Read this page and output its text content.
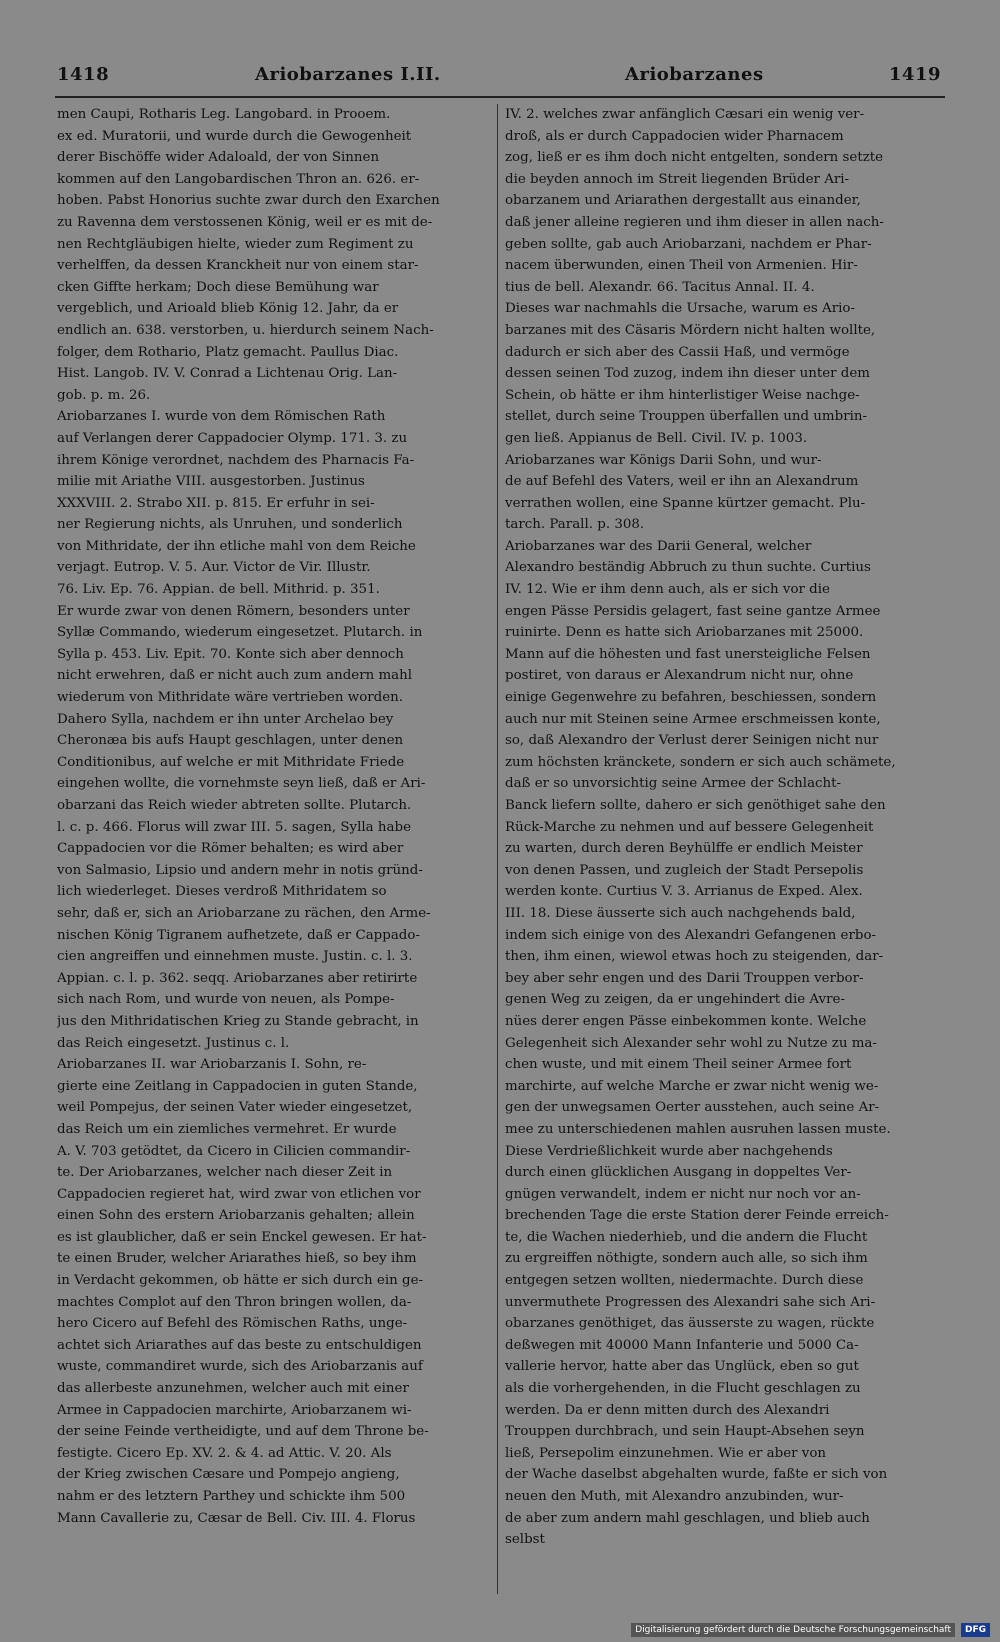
1418	Ariobarzanes I.II.	Ariobarzanes	1419
men Caupi, Rotharis Leg. Langobard. in Prooem.
ex ed. Muratorii, und wurde durch die Gewogenheit
derer Bischöffe wider Adaloald, der von Sinnen
kommen auf den Langobardischen Thron an. 626. er-
hoben. Pabst Honorius suchte zwar durch den Exarchen
zu Ravenna dem verstossenen König, weil er es mit de-
nen Rechtgläubigen hielte, wieder zum Regiment zu
verhelffen, da dessen Kranckheit nur von einem star-
cken Giffte herkam; Doch diese Bemühung war
vergeblich, und Arioald blieb König 12. Jahr, da er
endlich an. 638. verstorben, u. hierdurch seinem Nach-
folger, dem Rothario, Platz gemacht. Paullus Diac.
Hist. Langob. IV. V. Conrad a Lichtenau Orig. Lan-
gob. p. m. 26.
Ariobarzanes I. wurde von dem Römischen Rath
auf Verlangen derer Cappadocier Olymp. 171. 3. zu
ihrem Könige verordnet, nachdem des Pharnacis Fa-
milie mit Ariathe VIII. ausgestorben. Justinus
XXXVIII. 2. Strabo XII. p. 815. Er erfuhr in sei-
ner Regierung nichts, als Unruhen, und sonderlich
von Mithridate, der ihn etliche mahl von dem Reiche
verjagt. Eutrop. V. 5. Aur. Victor de Vir. Illustr.
76. Liv. Ep. 76. Appian. de bell. Mithrid. p. 351.
Er wurde zwar von denen Römern, besonders unter
Syllæ Commando, wiederum eingesetzet. Plutarch. in
Sylla p. 453. Liv. Epit. 70. Konte sich aber dennoch
nicht erwehren, daß er nicht auch zum andern mahl
wiederum von Mithridate wäre vertrieben worden.
Dahero Sylla, nachdem er ihn unter Archelao bey
Cheronæa bis aufs Haupt geschlagen, unter denen
Conditionibus, auf welche er mit Mithridate Friede
eingehen wollte, die vornehmste seyn ließ, daß er Ari-
obarzani das Reich wieder abtreten sollte. Plutarch.
l. c. p. 466. Florus will zwar III. 5. sagen, Sylla habe
Cappadocien vor die Römer behalten; es wird aber
von Salmasio, Lipsio und andern mehr in notis gründ-
lich wiederleget. Dieses verdroß Mithridatem so
sehr, daß er, sich an Ariobarzane zu rächen, den Arme-
nischen König Tigranem aufhetzete, daß er Cappado-
cien angreiffen und einnehmen muste. Justin. c. l. 3.
Appian. c. l. p. 362. seqq. Ariobarzanes aber retirirte
sich nach Rom, und wurde von neuen, als Pompe-
jus den Mithridatischen Krieg zu Stande gebracht, in
das Reich eingesetzt. Justinus c. l.
Ariobarzanes II. war Ariobarzanis I. Sohn, re-
gierte eine Zeitlang in Cappadocien in guten Stande,
weil Pompejus, der seinen Vater wieder eingesetzet,
das Reich um ein ziemliches vermehret. Er wurde
A. V. 703 getödtet, da Cicero in Cilicien commandir-
te. Der Ariobarzanes, welcher nach dieser Zeit in
Cappadocien regieret hat, wird zwar von etlichen vor
einen Sohn des erstern Ariobarzanis gehalten; allein
es ist glaublicher, daß er sein Enckel gewesen. Er hat-
te einen Bruder, welcher Ariarathes hieß, so bey ihm
in Verdacht gekommen, ob hätte er sich durch ein ge-
machtes Complot auf den Thron bringen wollen, da-
hero Cicero auf Befehl des Römischen Raths, unge-
achtet sich Ariarathes auf das beste zu entschuldigen
wuste, commandiret wurde, sich des Ariobarzanis auf
das allerbeste anzunehmen, welcher auch mit einer
Armee in Cappadocien marchirte, Ariobarzanem wi-
der seine Feinde vertheidigte, und auf dem Throne be-
festigte. Cicero Ep. XV. 2. & 4. ad Attic. V. 20. Als
der Krieg zwischen Cæsare und Pompejo angieng,
nahm er des letztern Parthey und schickte ihm 500
Mann Cavallerie zu, Cæsar de Bell. Civ. III. 4. Florus
IV. 2. welches zwar anfänglich Cæsari ein wenig ver-
droß, als er durch Cappadocien wider Pharnacem
zog, ließ er es ihm doch nicht entgelten, sondern setzte
die beyden annoch im Streit liegenden Brüder Ari-
obarzanem und Ariarathen dergestallt aus einander,
daß jener alleine regieren und ihm dieser in allen nach-
geben sollte, gab auch Ariobarzani, nachdem er Phar-
nacem überwunden, einen Theil von Armenien. Hir-
tius de bell. Alexandr. 66. Tacitus Annal. II. 4.
Dieses war nachmahls die Ursache, warum es Ario-
barzanes mit des Cäsaris Mördern nicht halten wollte,
dadurch er sich aber des Cassii Haß, und vermöge
dessen seinen Tod zuzog, indem ihn dieser unter dem
Schein, ob hätte er ihm hinterlistiger Weise nachge-
stellet, durch seine Trouppen überfallen und umbrin-
gen ließ. Appianus de Bell. Civil. IV. p. 1003.
Ariobarzanes war Königs Darii Sohn, und wur-
de auf Befehl des Vaters, weil er ihn an Alexandrum
verrathen wollen, eine Spanne kürtzer gemacht. Plu-
tarch. Parall. p. 308.
Ariobarzanes war des Darii General, welcher
Alexandro beständig Abbruch zu thun suchte. Curtius
IV. 12. Wie er ihm denn auch, als er sich vor die
engen Pässe Persidis gelagert, fast seine gantze Armee
ruinirte. Denn es hatte sich Ariobarzanes mit 25000.
Mann auf die höhesten und fast unersteigliche Felsen
postiret, von daraus er Alexandrum nicht nur, ohne
einige Gegenwehre zu befahren, beschiessen, sondern
auch nur mit Steinen seine Armee erschmeissen konte,
so, daß Alexandro der Verlust derer Seinigen nicht nur
zum höchsten kränckete, sondern er sich auch schämete,
daß er so unvorsichtig seine Armee der Schlacht-
Banck liefern sollte, dahero er sich genöthiget sahe den
Rück-Marche zu nehmen und auf bessere Gelegenheit
zu warten, durch deren Beyhülffe er endlich Meister
von denen Passen, und zugleich der Stadt Persepolis
werden konte. Curtius V. 3. Arrianus de Exped. Alex.
III. 18. Diese äusserte sich auch nachgehends bald,
indem sich einige von des Alexandri Gefangenen erbo-
then, ihm einen, wiewol etwas hoch zu steigenden, dar-
bey aber sehr engen und des Darii Trouppen verbor-
genen Weg zu zeigen, da er ungehindert die Avre-
nües derer engen Pässe einbekommen konte. Welche
Gelegenheit sich Alexander sehr wohl zu Nutze zu ma-
chen wuste, und mit einem Theil seiner Armee fort
marchirte, auf welche Marche er zwar nicht wenig we-
gen der unwegsamen Oerter ausstehen, auch seine Ar-
mee zu unterschiedenen mahlen ausruhen lassen muste.
Diese Verdrießlichkeit wurde aber nachgehends
durch einen glücklichen Ausgang in doppeltes Ver-
gnügen verwandelt, indem er nicht nur noch vor an-
brechenden Tage die erste Station derer Feinde erreich-
te, die Wachen niederhieb, und die andern die Flucht
zu ergreiffen nöthigte, sondern auch alle, so sich ihm
entgegen setzen wollten, niedermachte. Durch diese
unvermuthete Progressen des Alexandri sahe sich Ari-
obarzanes genöthiget, das äusserste zu wagen, rückte
deßwegen mit 40000 Mann Infanterie und 5000 Ca-
vallerie hervor, hatte aber das Unglück, eben so gut
als die vorhergehenden, in die Flucht geschlagen zu
werden. Da er denn mitten durch des Alexandri
Trouppen durchbrach, und sein Haupt-Absehen seyn
ließ, Persepolim einzunehmen. Wie er aber von
der Wache daselbst abgehalten wurde, faßte er sich von
neuen den Muth, mit Alexandro anzubinden, wur-
de aber zum andern mahl geschlagen, und blieb auch
selbst
Digitalisierung gefördert durch die Deutsche Forschungsgemeinschaft	DFG
